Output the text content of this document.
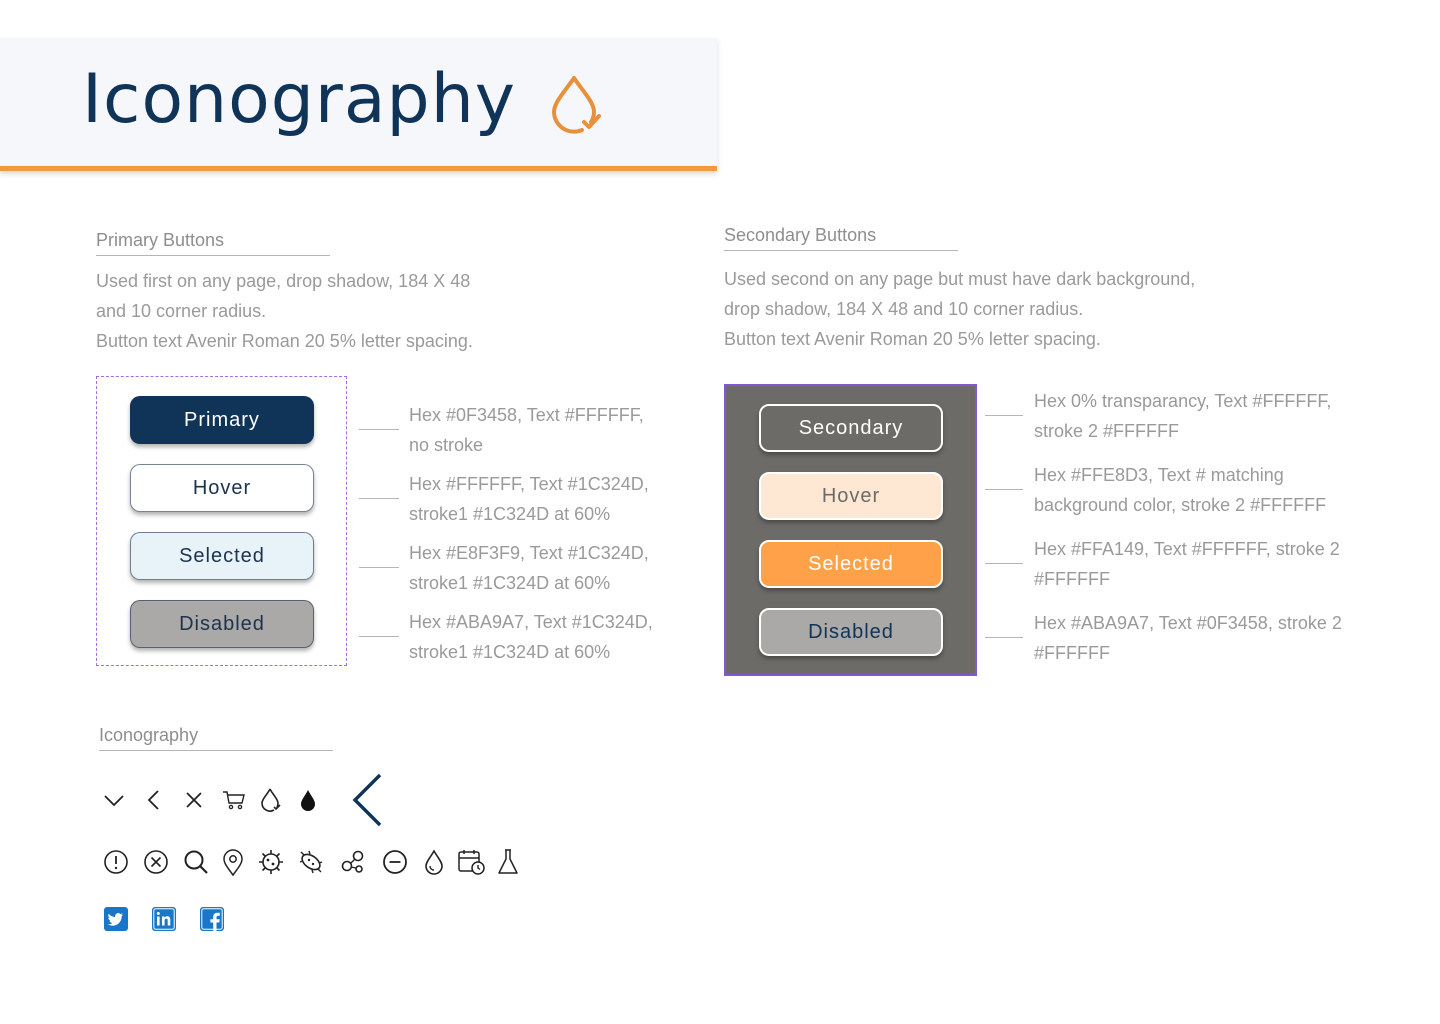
Iconography
Primary Buttons
Used first on any page, drop shadow, 184 X 48
and 10 corner radius.
Button text Avenir Roman 20 5% letter spacing.
Primary
Hover
Selected
Disabled
Hex #0F3458, Text #FFFFFF,
no stroke
Hex #FFFFFF, Text #1C324D,
stroke1 #1C324D at 60%
Hex #E8F3F9, Text #1C324D,
stroke1 #1C324D at 60%
Hex #ABA9A7, Text #1C324D,
stroke1 #1C324D at 60%
Secondary Buttons
Used second on any page but must have dark background,
drop shadow, 184 X 48 and 10 corner radius.
Button text Avenir Roman 20 5% letter spacing.
Secondary
Hover
Selected
Disabled
Hex 0% transparancy, Text #FFFFFF,
stroke 2 #FFFFFF
Hex #FFE8D3, Text # matching
background color, stroke 2 #FFFFFF
Hex #FFA149, Text #FFFFFF, stroke 2
#FFFFFF
Hex #ABA9A7, Text #0F3458, stroke 2
#FFFFFF
Iconography
